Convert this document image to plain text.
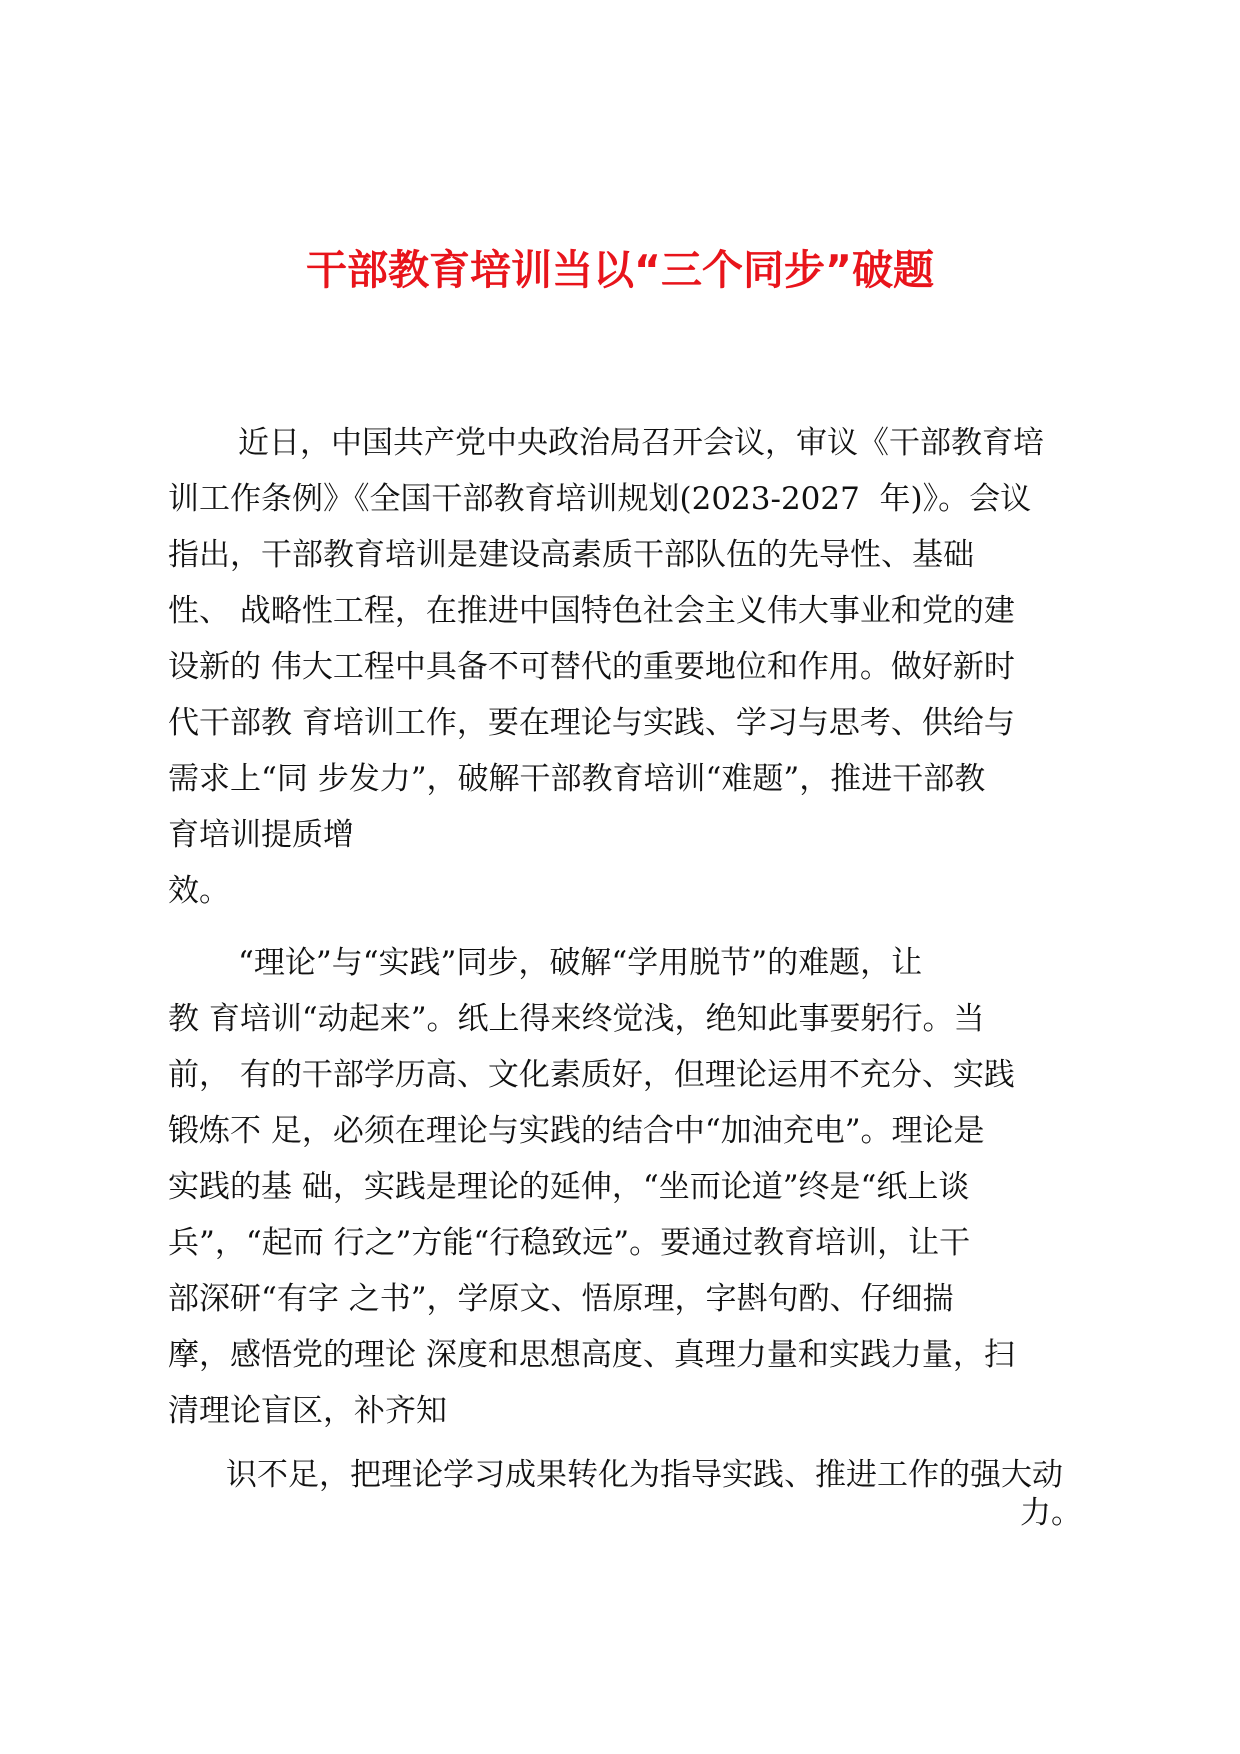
干部教育培训当以“三个同步”破题

近日，中国共产党中央政治局召开会议，审议《干部教育培

训工作条例》《全国干部教育培训规划(2023-2027  年)》。会议

指出，干部教育培训是建设高素质干部队伍的先导性、基础

性、 战略性工程，在推进中国特色社会主义伟大事业和党的建

设新的 伟大工程中具备不可替代的重要地位和作用。做好新时

代干部教 育培训工作，要在理论与实践、学习与思考、供给与

需求上“同 步发力”，破解干部教育培训“难题”，推进干部教

育培训提质增

效。

“理论”与“实践”同步，破解“学用脱节”的难题，让

教 育培训“动起来”。纸上得来终觉浅，绝知此事要躬行。当

前， 有的干部学历高、文化素质好，但理论运用不充分、实践

锻炼不 足，必须在理论与实践的结合中“加油充电”。理论是

实践的基 础，实践是理论的延伸，“坐而论道”终是“纸上谈

兵”，“起而 行之”方能“行稳致远”。要通过教育培训，让干

部深研“有字 之书”，学原文、悟原理，字斟句酌、仔细揣

摩，感悟党的理论 深度和思想高度、真理力量和实践力量，扫

清理论盲区，补齐知

识不足，把理论学习成果转化为指导实践、推进工作的强大动

力。
